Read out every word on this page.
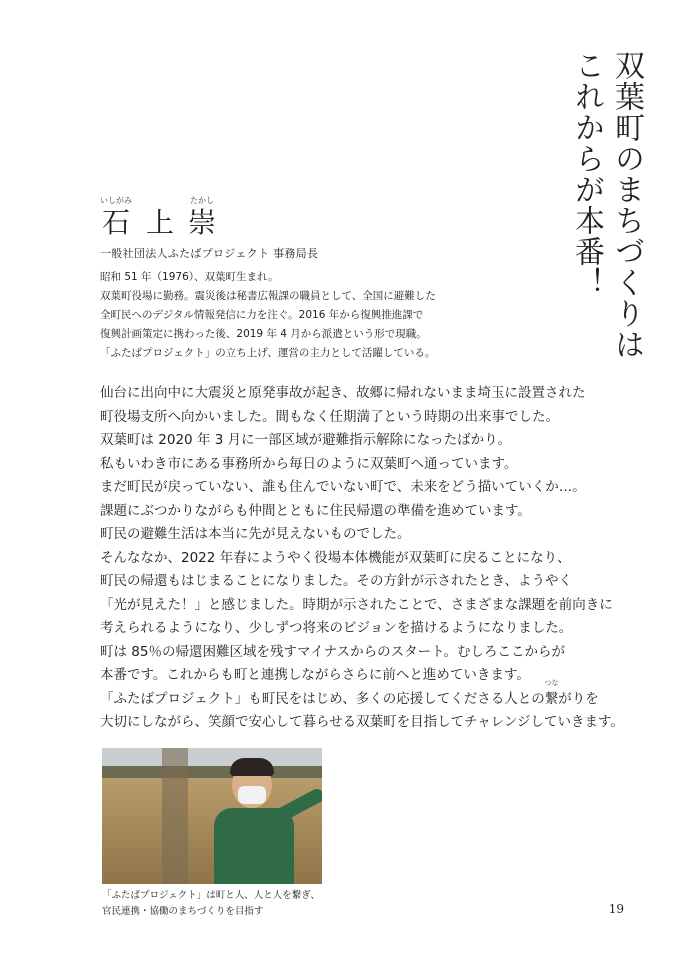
双葉町のまちづくりは
これからが本番！
いしがみ
石 上
たかし
崇
一般社団法人ふたばプロジェクト 事務局長
昭和 51 年（1976）、双葉町生まれ。
双葉町役場に勤務。震災後は秘書広報課の職員として、全国に避難した
全町民へのデジタル情報発信に力を注ぐ。2016 年から復興推進課で
復興計画策定に携わった後、2019 年 4 月から派遣という形で現職。
「ふたばプロジェクト」の立ち上げ、運営の主力として活躍している。
仙台に出向中に大震災と原発事故が起き、故郷に帰れないまま埼玉に設置された
町役場支所へ向かいました。間もなく任期満了という時期の出来事でした。
双葉町は 2020 年 3 月に一部区域が避難指示解除になったばかり。
私もいわき市にある事務所から毎日のように双葉町へ通っています。
まだ町民が戻っていない、誰も住んでいない町で、未来をどう描いていくか…。
課題にぶつかりながらも仲間とともに住民帰還の準備を進めています。
町民の避難生活は本当に先が見えないものでした。
そんななか、2022 年春にようやく役場本体機能が双葉町に戻ることになり、
町民の帰還もはじまることになりました。その方針が示されたとき、ようやく
「光が見えた！」と感じました。時期が示されたことで、さまざまな課題を前向きに
考えられるようになり、少しずつ将来のビジョンを描けるようになりました。
町は 85％の帰還困難区域を残すマイナスからのスタート。むしろここからが
本番です。これからも町と連携しながらさらに前へと進めていきます。
「ふたばプロジェクト」も町民をはじめ、多くの応援してくださる人との
つな
繋がりを
大切にしながら、笑顔で安心して暮らせる双葉町を目指してチャレンジしていきます。
「ふたばプロジェクト」は町と人、人と人を繋ぎ、
官民連携・協働のまちづくりを目指す	19
